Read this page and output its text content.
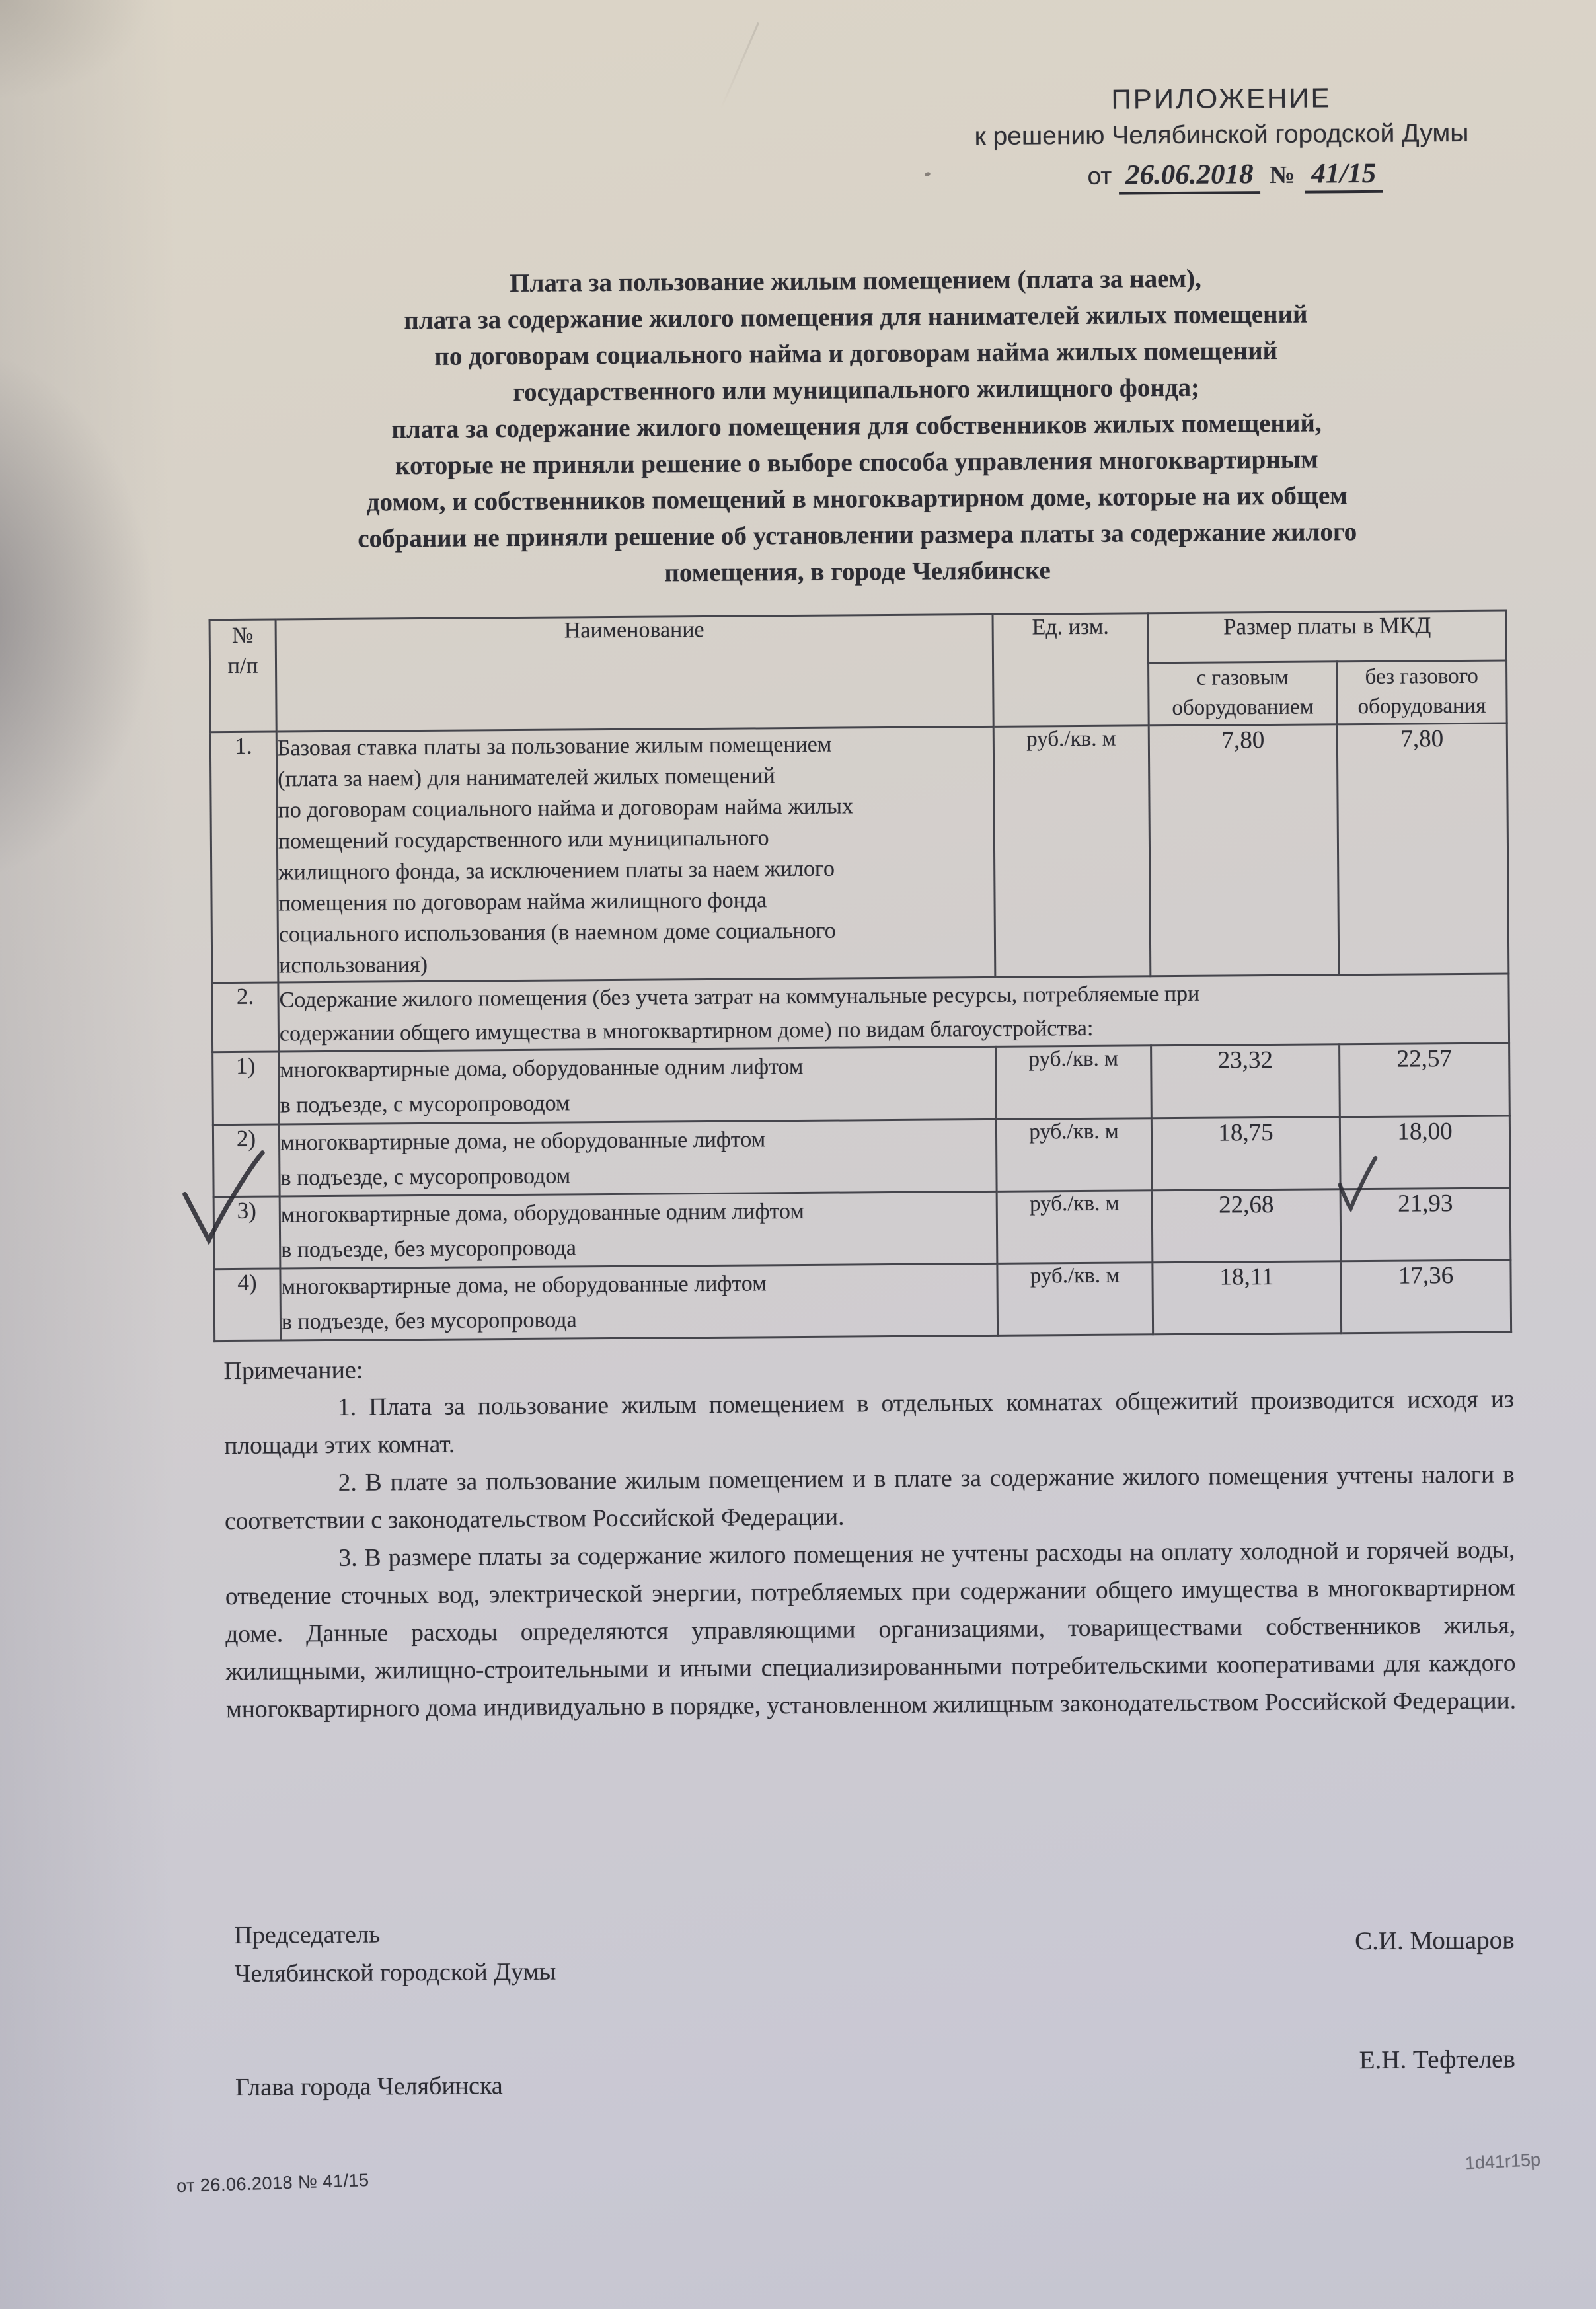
ПРИЛОЖЕНИЕ
к решению Челябинской городской Думы
от 26.06.2018 № 41/15
Плата за пользование жилым помещением (плата за наем),
плата за содержание жилого помещения для нанимателей жилых помещений
по договорам социального найма и договорам найма жилых помещений
государственного или муниципального жилищного фонда;
плата за содержание жилого помещения для собственников жилых помещений,
которые не приняли решение о выборе способа управления многоквартирным
домом, и собственников помещений в многоквартирном доме, которые на их общем
собрании не приняли решение об установлении размера платы за содержание жилого
помещения, в городе Челябинске
№
п/п	Наименование	Ед. изм.	Размер платы в МКД	
			с газовым оборудованием	без газового оборудования
1.	Базовая ставка платы за пользование жилым помещением
(плата за наем) для нанимателей жилых помещений
по договорам социального найма и договорам найма жилых
помещений государственного или муниципального
жилищного фонда, за исключением платы за наем жилого
помещения по договорам найма жилищного фонда
социального использования (в наемном доме социального
использования)	руб./кв. м	7,80	7,80
2.	Содержание жилого помещения (без учета затрат на коммунальные ресурсы, потребляемые при
содержании общего имущества в многоквартирном доме) по видам благоустройства:			
1)	многоквартирные дома, оборудованные одним лифтом
в подъезде, с мусоропроводом	руб./кв. м	23,32	22,57
2)	многоквартирные дома, не оборудованные лифтом
в подъезде, с мусоропроводом	руб./кв. м	18,75	18,00
3)	многоквартирные дома, оборудованные одним лифтом
в подъезде, без мусоропровода	руб./кв. м	22,68	21,93
4)	многоквартирные дома, не оборудованные лифтом
в подъезде, без мусоропровода	руб./кв. м	18,11	17,36
Примечание:

1. Плата за пользование жилым помещением в отдельных комнатах общежитий производится исходя из площади этих комнат.

2. В плате за пользование жилым помещением и в плате за содержание жилого помещения учтены налоги в соответствии с законодательством Российской Федерации.

3. В размере платы за содержание жилого помещения не учтены расходы на оплату холодной и горячей воды, отведение сточных вод, электрической энергии, потребляемых при содержании общего имущества в многоквартирном доме. Данные расходы определяются управляющими организациями, товариществами собственников жилья, жилищными, жилищно-строительными и иными специализированными потребительскими кооперативами для каждого многоквартирного дома индивидуально в порядке, установленном жилищным законодательством Российской Федерации.

Председатель
Челябинской городской Думы
С.И. Мошаров
Глава города Челябинска
Е.Н. Тефтелев
от 26.06.2018 № 41/15
1d41r15p
